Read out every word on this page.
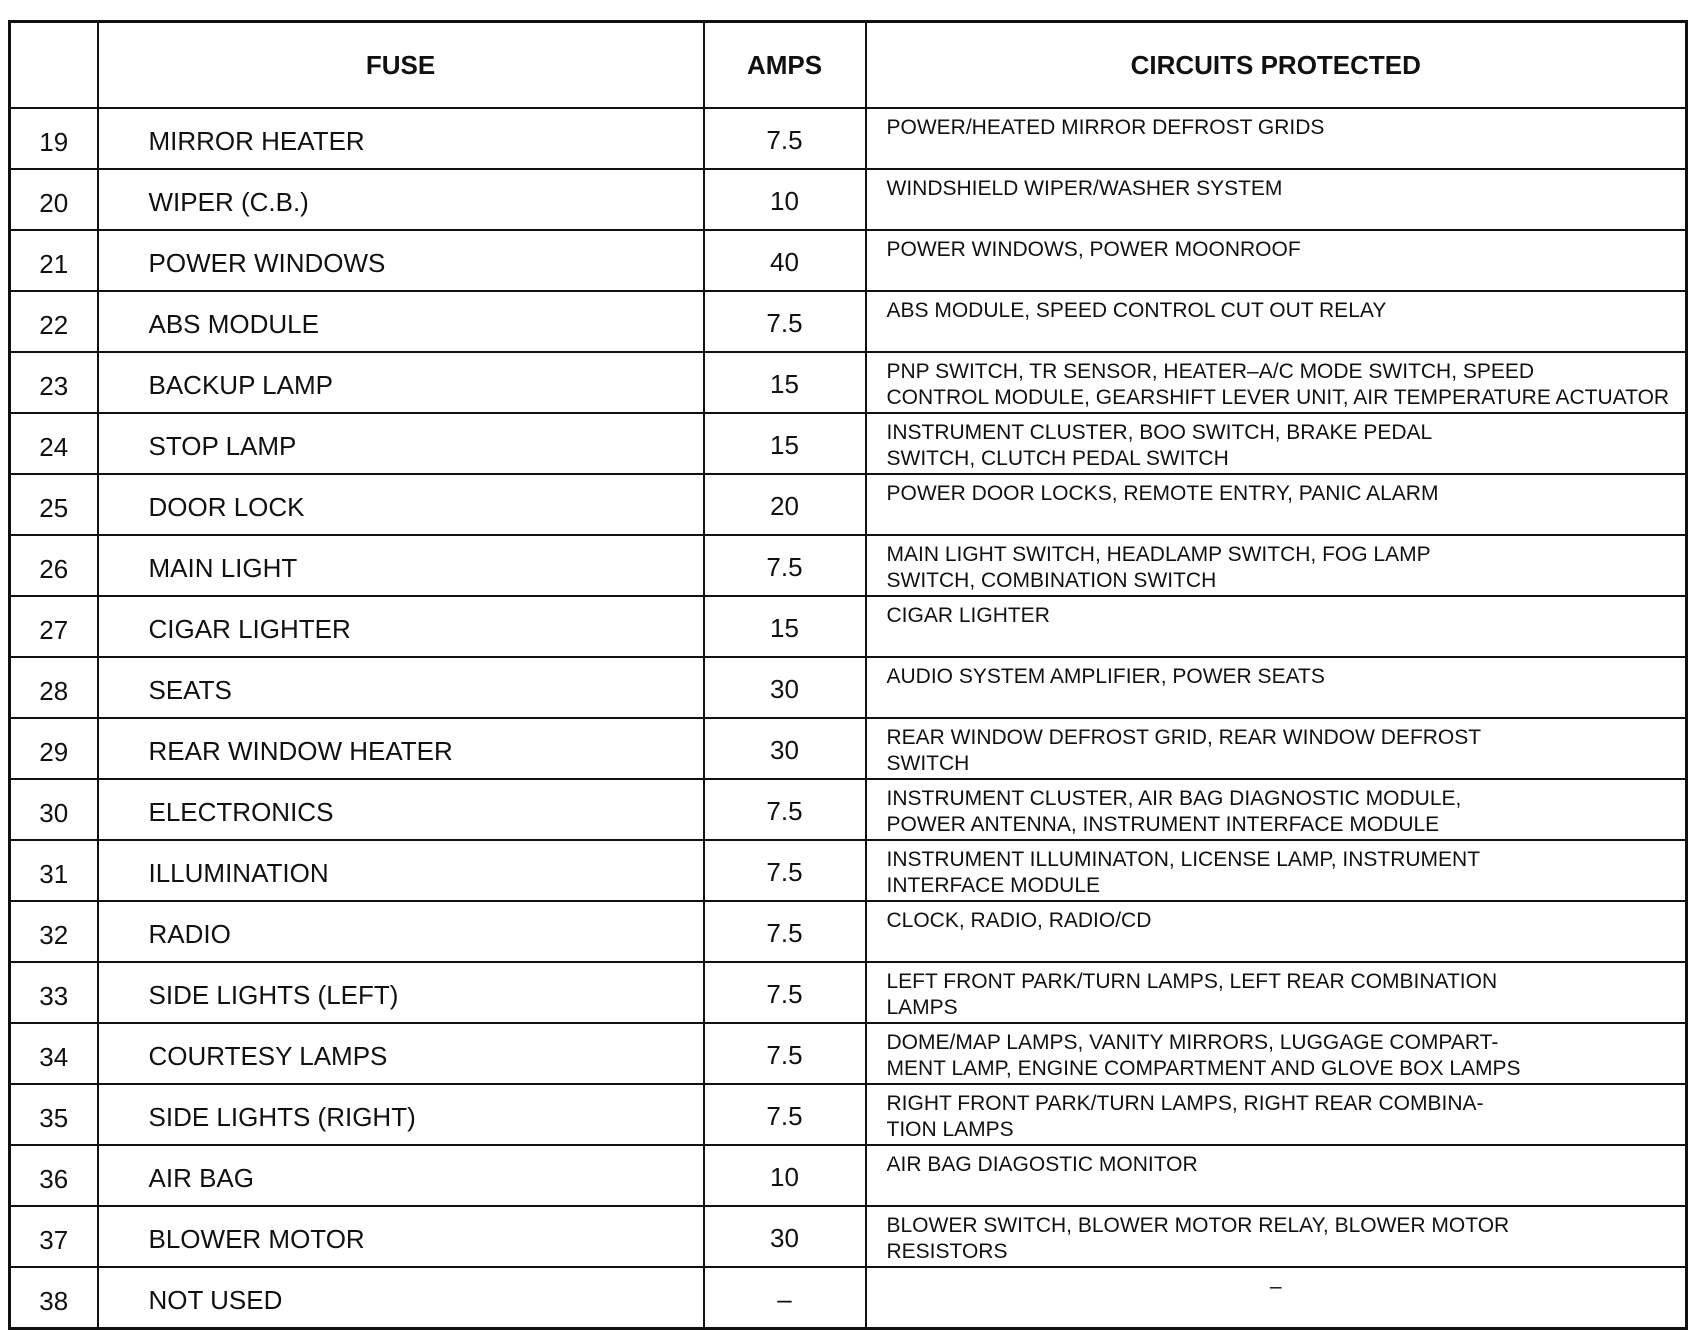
	FUSE	AMPS	CIRCUITS PROTECTED
19	MIRROR HEATER	7.5	POWER/HEATED MIRROR DEFROST GRIDS
20	WIPER (C.B.)	10	WINDSHIELD WIPER/WASHER SYSTEM
21	POWER WINDOWS	40	POWER WINDOWS, POWER MOONROOF
22	ABS MODULE	7.5	ABS MODULE, SPEED CONTROL CUT OUT RELAY
23	BACKUP LAMP	15	PNP SWITCH, TR SENSOR, HEATER–A/C MODE SWITCH, SPEED
CONTROL MODULE, GEARSHIFT LEVER UNIT, AIR TEMPERATURE ACTUATOR
24	STOP LAMP	15	INSTRUMENT CLUSTER, BOO SWITCH, BRAKE PEDAL
SWITCH, CLUTCH PEDAL SWITCH
25	DOOR LOCK	20	POWER DOOR LOCKS, REMOTE ENTRY, PANIC ALARM
26	MAIN LIGHT	7.5	MAIN LIGHT SWITCH, HEADLAMP SWITCH, FOG LAMP
SWITCH, COMBINATION SWITCH
27	CIGAR LIGHTER	15	CIGAR LIGHTER
28	SEATS	30	AUDIO SYSTEM AMPLIFIER, POWER SEATS
29	REAR WINDOW HEATER	30	REAR WINDOW DEFROST GRID, REAR WINDOW DEFROST
SWITCH
30	ELECTRONICS	7.5	INSTRUMENT CLUSTER, AIR BAG DIAGNOSTIC MODULE,
POWER ANTENNA, INSTRUMENT INTERFACE MODULE
31	ILLUMINATION	7.5	INSTRUMENT ILLUMINATON, LICENSE LAMP, INSTRUMENT
INTERFACE MODULE
32	RADIO	7.5	CLOCK, RADIO, RADIO/CD
33	SIDE LIGHTS (LEFT)	7.5	LEFT FRONT PARK/TURN LAMPS, LEFT REAR COMBINATION
LAMPS
34	COURTESY LAMPS	7.5	DOME/MAP LAMPS, VANITY MIRRORS, LUGGAGE COMPART-
MENT LAMP, ENGINE COMPARTMENT AND GLOVE BOX LAMPS
35	SIDE LIGHTS (RIGHT)	7.5	RIGHT FRONT PARK/TURN LAMPS, RIGHT REAR COMBINA-
TION LAMPS
36	AIR BAG	10	AIR BAG DIAGOSTIC MONITOR
37	BLOWER MOTOR	30	BLOWER SWITCH, BLOWER MOTOR RELAY, BLOWER MOTOR
RESISTORS
38	NOT USED	–	–
